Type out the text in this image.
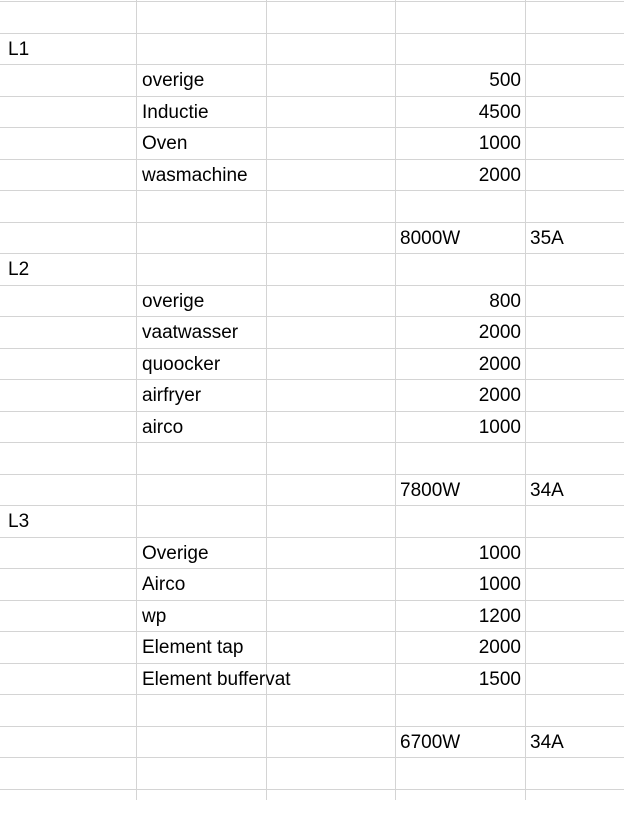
L1
overige	500
Inductie	4500
Oven	1000
wasmachine	2000
8000W	35A
L2
overige	800
vaatwasser	2000
quoocker	2000
airfryer	2000
airco	1000
7800W	34A
L3
Overige	1000
Airco	1000
wp	1200
Element tap	2000
Element buffervat	1500
6700W	34A
